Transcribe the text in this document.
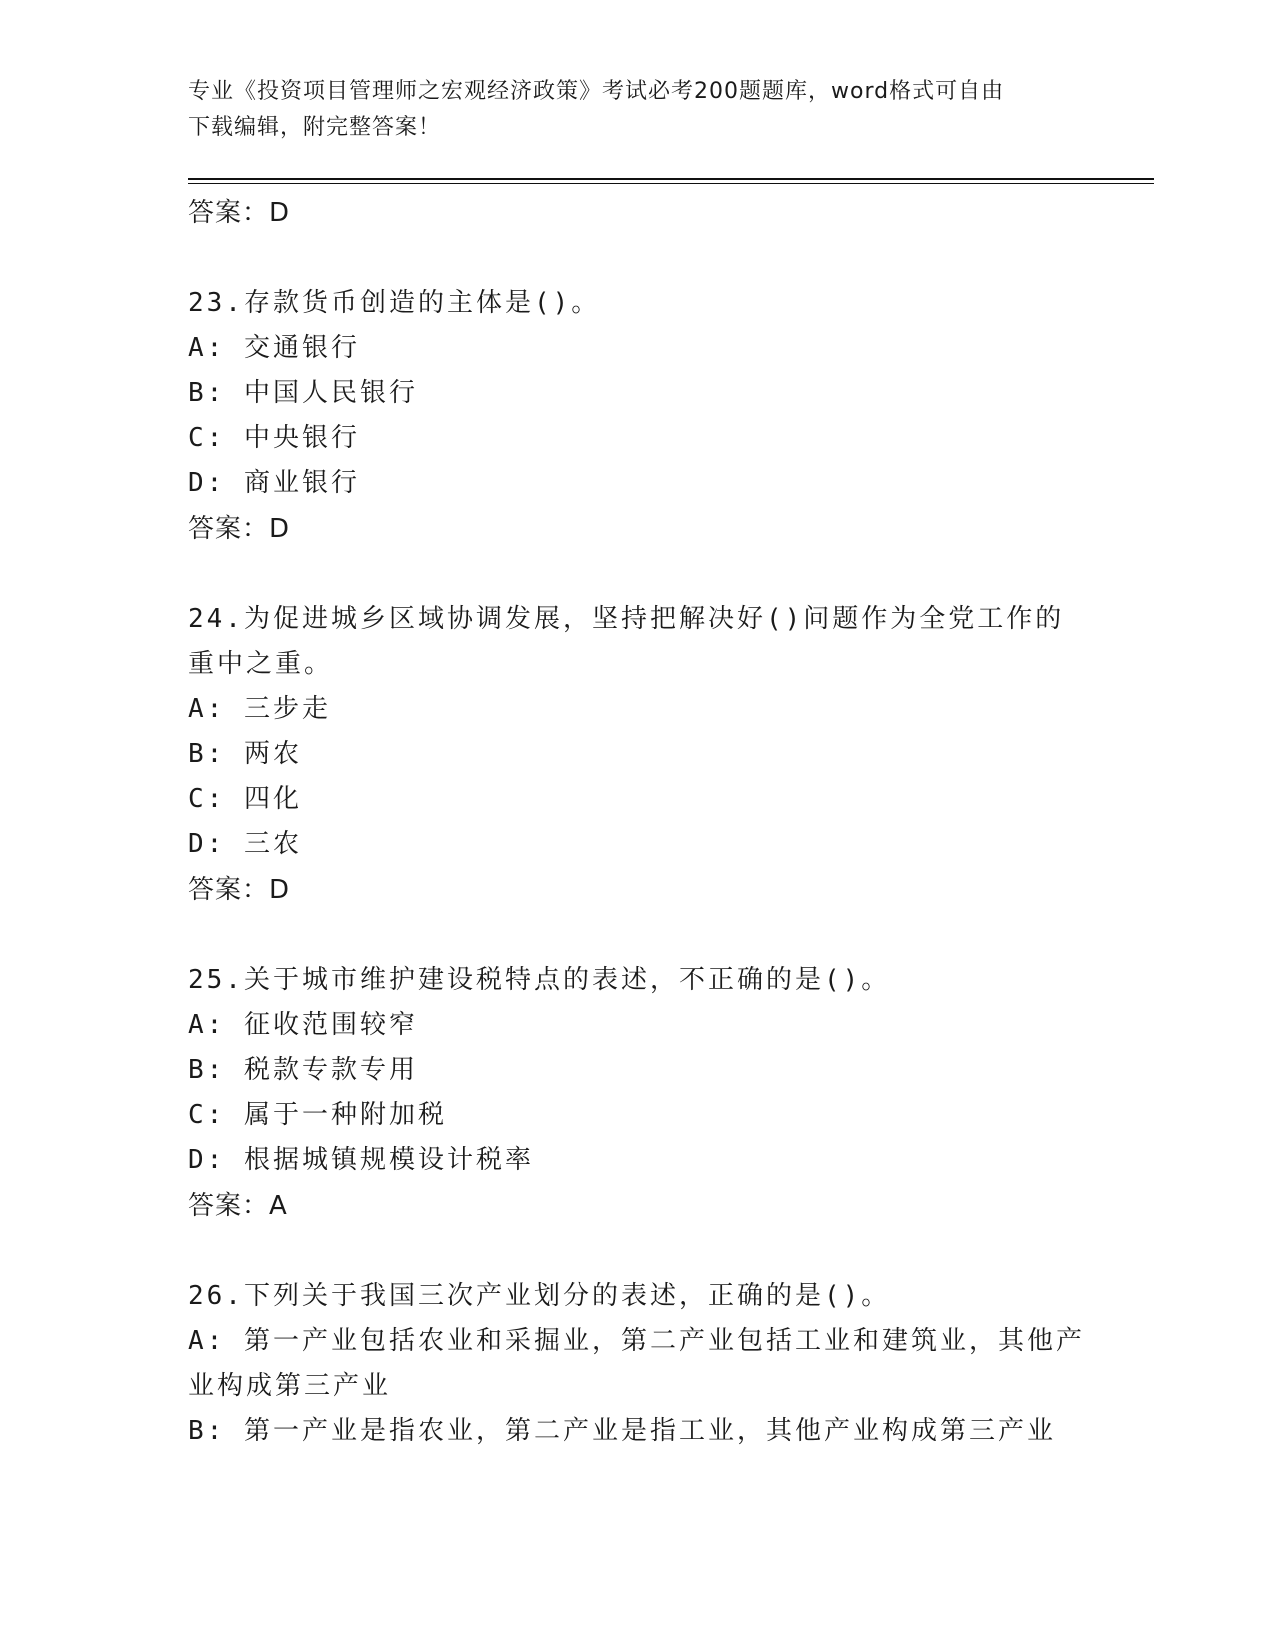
专业《投资项目管理师之宏观经济政策》考试必考200题题库，word格式可自由
下载编辑，附完整答案！
答案：D
23.存款货币创造的主体是()。
A: 交通银行
B: 中国人民银行
C: 中央银行
D: 商业银行
答案：D
24.为促进城乡区域协调发展，坚持把解决好()问题作为全党工作的重中之重。
A: 三步走
B: 两农
C: 四化
D: 三农
答案：D
25.关于城市维护建设税特点的表述，不正确的是()。
A: 征收范围较窄
B: 税款专款专用
C: 属于一种附加税
D: 根据城镇规模设计税率
答案：A
26.下列关于我国三次产业划分的表述，正确的是()。
A: 第一产业包括农业和采掘业，第二产业包括工业和建筑业，其他产业构成第三产业
B: 第一产业是指农业，第二产业是指工业，其他产业构成第三产业
